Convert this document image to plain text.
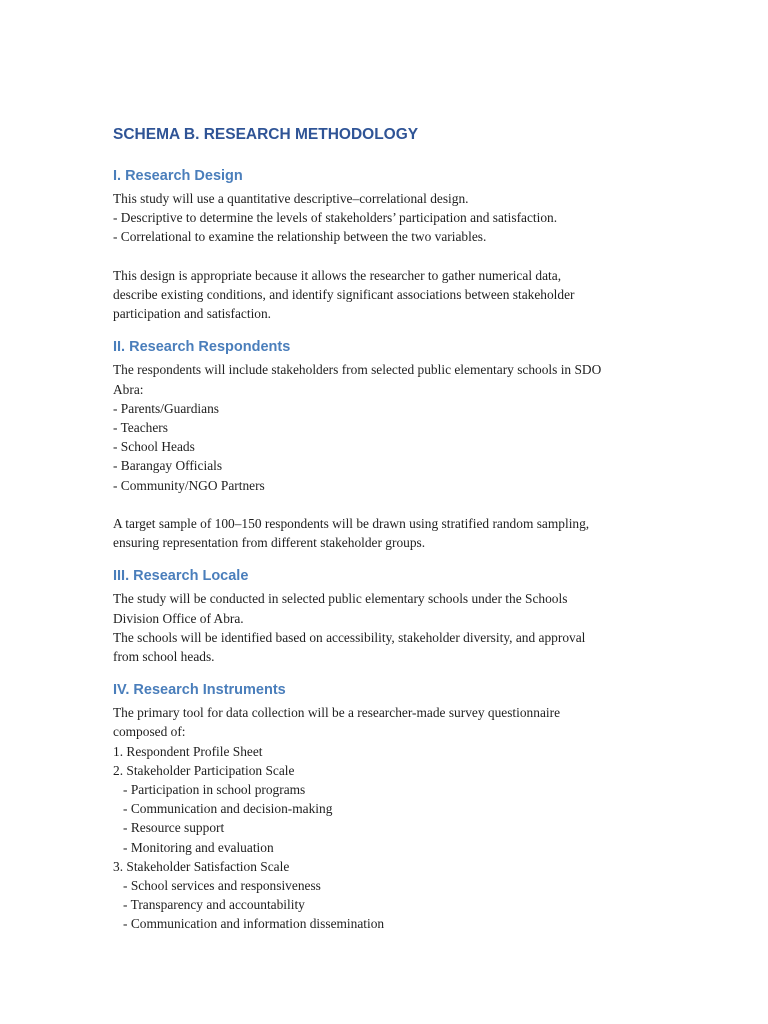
SCHEMA B. RESEARCH METHODOLOGY
I. Research Design

This study will use a quantitative descriptive–correlational design.

- Descriptive to determine the levels of stakeholders’ participation and satisfaction.

- Correlational to examine the relationship between the two variables.

This design is appropriate because it allows the researcher to gather numerical data,

describe existing conditions, and identify significant associations between stakeholder

participation and satisfaction.

II. Research Respondents

The respondents will include stakeholders from selected public elementary schools in SDO

Abra:

- Parents/Guardians

- Teachers

- School Heads

- Barangay Officials

- Community/NGO Partners

A target sample of 100–150 respondents will be drawn using stratified random sampling,

ensuring representation from different stakeholder groups.

III. Research Locale

The study will be conducted in selected public elementary schools under the Schools

Division Office of Abra.

The schools will be identified based on accessibility, stakeholder diversity, and approval

from school heads.

IV. Research Instruments

The primary tool for data collection will be a researcher-made survey questionnaire

composed of:

1. Respondent Profile Sheet

2. Stakeholder Participation Scale

- Participation in school programs

- Communication and decision-making

- Resource support

- Monitoring and evaluation

3. Stakeholder Satisfaction Scale

- School services and responsiveness

- Transparency and accountability

- Communication and information dissemination
